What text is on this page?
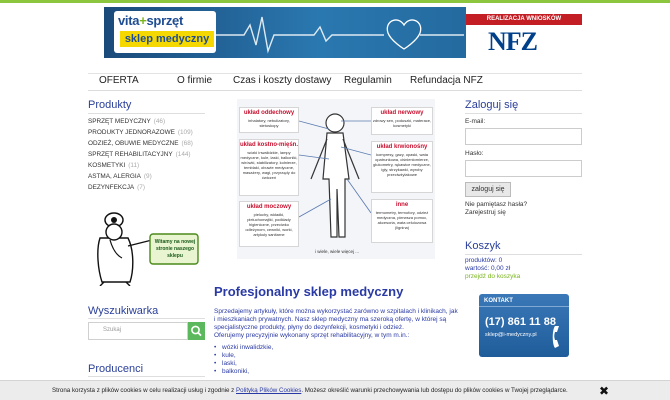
vita+sprzęt
sklep medyczny
REALIZACJA WNIOSKÓW
NFZ
OFERTA	O firmie Czas i koszty dostawy Regulamin Refundacja NFZ
Produkty
SPRZĘT MEDYCZNY (46)
PRODUKTY JEDNORAZOWE (109)
ODZIEŻ, OBUWIE MEDYCZNE (68)
SPRZĘT REHABILITACYJNY (144)
KOSMETYKI (11)
ASTMA, ALERGIA (9)
DEZYNFEKCJA (7)
Witamy na nowej stronie naszego sklepu
Wyszukiwarka
Szukaj
Producenci
układ oddechowy
inhalatory, nebulizatory, stetoskopy
układ kostno-mięśn.
wózki inwalidzkie, lampy medyczne, kule, laski, balkoniki, wirówki, stabilizatory, kołnierze, temblaki, obuwie medyczne, masażery, wagi, przyrządy do ćwiczeń
układ moczowy
pieluchy, wkładki, pieluchomajtki, podkłady higieniczne, przeciwko odleżynom, cewniki, worki, artykuły sanitarne
układ nerwowy
zdrowy sen, poduszki, materace, kosmetyki
układ krwionośny
kompresy, gazy, opaski, wata opatrunkowa, ciśnieniomierze, glukometry, rękawice medyczne, igły, strzykawki, wyroby przeciwżylakowe
inne
termometry, termofory, odzież medyczna, pierwsza pomoc, akcesoria, wata celulozowa (lignina)
i wiele, wiele więcej ...
Profesjonalny sklep medyczny
Sprzedajemy artykuły, które można wykorzystać zarówno w szpitalach i klinikach, jak i mieszkaniach prywatnych. Nasz sklep medyczny ma szeroką ofertę, w której są specjalistyczne produkty, płyny do dezynfekcji, kosmetyki i odzież.
Oferujemy precyzyjnie wykonany sprzęt rehabilitacyjny, w tym m.in.:
• wózki inwalidzkie,
• kule,
• laski,
• balkoniki,
Zaloguj się
E-mail:
Hasło:
zaloguj się
Nie pamiętasz hasła?
Zarejestruj się
Koszyk
produktów: 0
wartość: 0,00 zł
przejdź do koszyka
KONTAKT
(17) 861 11 88
sklep@i-medyczny.pl
Strona korzysta z plików cookies w celu realizacji usług i zgodnie z Polityką Plików Cookies. Możesz określić warunki przechowywania lub dostępu do plików cookies w Twojej przeglądarce.	✖
